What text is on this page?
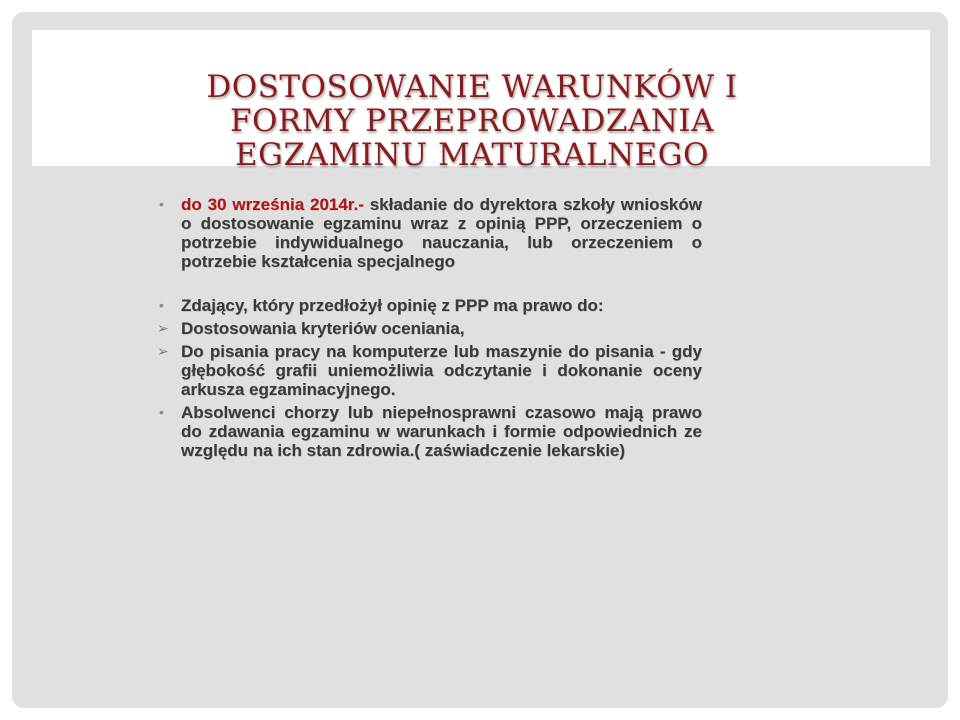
DOSTOSOWANIE WARUNKÓW I FORMY PRZEPROWADZANIA EGZAMINU MATURALNEGO
•	do 30 września 2014r.- składanie do dyrektora szkoły wniosków o dostosowanie egzaminu wraz z opinią PPP, orzeczeniem o potrzebie indywidualnego nauczania, lub orzeczeniem o potrzebie kształcenia specjalnego
•	Zdający, który przedłożył opinię z PPP ma prawo do:
➢ Dostosowania kryteriów oceniania,
➢ Do pisania pracy na komputerze lub maszynie do pisania - gdy głębokość grafii uniemożliwia odczytanie i dokonanie oceny arkusza egzaminacyjnego.
•	Absolwenci chorzy lub niepełnosprawni czasowo mają prawo do zdawania egzaminu w warunkach i formie odpowiednich ze względu na ich stan zdrowia.( zaświadczenie lekarskie)
